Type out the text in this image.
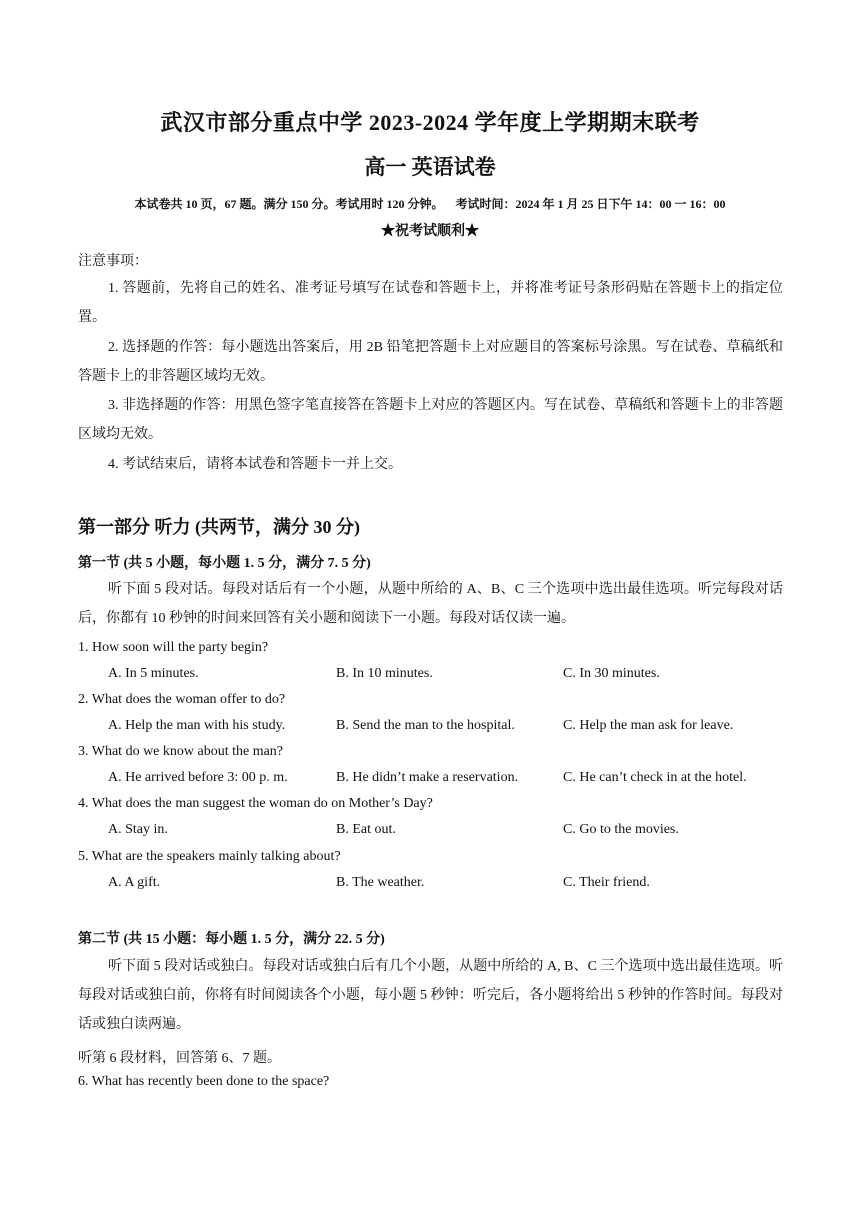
武汉市部分重点中学 2023-2024 学年度上学期期末联考
高一 英语试卷
本试卷共 10 页，67 题。满分 150 分。考试用时 120 分钟。    考试时间：2024 年 1 月 25 日下午 14：00 一 16：00
★祝考试顺利★
注意事项：
1. 答题前，先将自己的姓名、准考证号填写在试卷和答题卡上，并将准考证号条形码贴在答题卡上的指定位置。
2. 选择题的作答：每小题选出答案后，用 2B 铅笔把答题卡上对应题目的答案标号涂黑。写在试卷、草稿纸和答题卡上的非答题区域均无效。
3. 非选择题的作答：用黑色签字笔直接答在答题卡上对应的答题区内。写在试卷、草稿纸和答题卡上的非答题区域均无效。
4. 考试结束后，请将本试卷和答题卡一并上交。
第一部分 听力 (共两节，满分 30 分)
第一节 (共 5 小题，每小题 1. 5 分，满分 7. 5 分)
听下面 5 段对话。每段对话后有一个小题，从题中所给的 A、B、C 三个选项中选出最佳选项。听完每段对话后，你都有 10 秒钟的时间来回答有关小题和阅读下一小题。每段对话仅读一遍。
1. How soon will the party begin?
A. In 5 minutes.	B. In 10 minutes.	C. In 30 minutes.
2. What does the woman offer to do?
A. Help the man with his study.	B. Send the man to the hospital.	C. Help the man ask for leave.
3. What do we know about the man?
A. He arrived before 3: 00 p. m.	B. He didn’t make a reservation.	C. He can’t check in at the hotel.
4. What does the man suggest the woman do on Mother’s Day?
A. Stay in.	B. Eat out.	C. Go to the movies.
5. What are the speakers mainly talking about?
A. A gift.	B. The weather.	C. Their friend.
第二节 (共 15 小题：每小题 1. 5 分，满分 22. 5 分)
听下面 5 段对话或独白。每段对话或独白后有几个小题，从题中所给的 A, B、C 三个选项中选出最佳选项。听每段对话或独白前，你将有时间阅读各个小题，每小题 5 秒钟：听完后，各小题将给出 5 秒钟的作答时间。每段对话或独白读两遍。
听第 6 段材料，回答第 6、7 题。
6. What has recently been done to the space?
